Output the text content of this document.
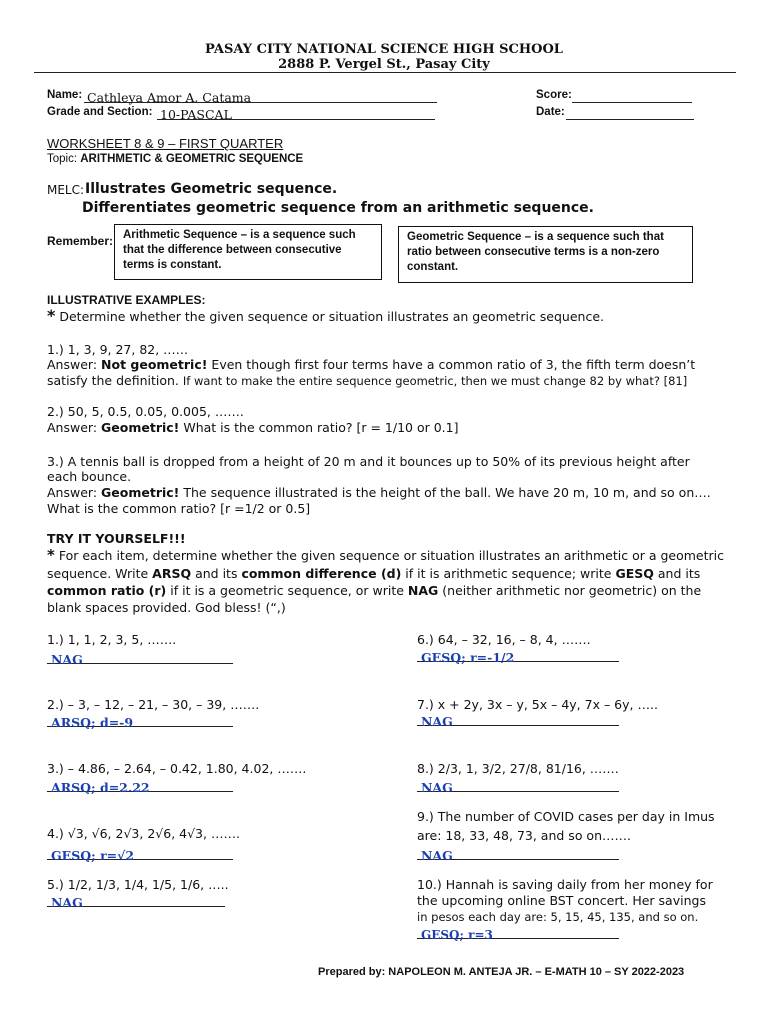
PASAY CITY NATIONAL SCIENCE HIGH SCHOOL
2888 P. Vergel St., Pasay City
Name: Cathleya Amor A. Catama
Grade and Section: 10-PASCAL
Score:
Date:
WORKSHEET 8 & 9 – FIRST QUARTER
Topic: ARITHMETIC & GEOMETRIC SEQUENCE
MELC: Illustrates Geometric sequence.
Differentiates geometric sequence from an arithmetic sequence.
Remember: Arithmetic Sequence – is a sequence such that the difference between consecutive terms is constant.
Geometric Sequence – is a sequence such that ratio between consecutive terms is a non-zero constant.
ILLUSTRATIVE EXAMPLES:
* Determine whether the given sequence or situation illustrates an geometric sequence.
1.) 1, 3, 9, 27, 82, ……
Answer: Not geometric! Even though first four terms have a common ratio of 3, the fifth term doesn’t
satisfy the definition. If want to make the entire sequence geometric, then we must change 82 by what? [81]
2.) 50, 5, 0.5, 0.05, 0.005, …….
Answer: Geometric! What is the common ratio? [r = 1/10 or 0.1]
3.) A tennis ball is dropped from a height of 20 m and it bounces up to 50% of its previous height after
each bounce.
Answer: Geometric! The sequence illustrated is the height of the ball. We have 20 m, 10 m, and so on….
What is the common ratio? [r =1/2 or 0.5]
TRY IT YOURSELF!!!
* For each item, determine whether the given sequence or situation illustrates an arithmetic or a geometric
sequence. Write ARSQ and its common difference (d) if it is arithmetic sequence; write GESQ and its
common ratio (r) if it is a geometric sequence, or write NAG (neither arithmetic nor geometric) on the
blank spaces provided. God bless! (“,)
1.) 1, 1, 2, 3, 5, …….
NAG
2.) – 3, – 12, – 21, – 30, – 39, …….
ARSQ; d=-9
3.) – 4.86, – 2.64, – 0.42, 1.80, 4.02, …….
ARSQ; d=2.22
4.) √3, √6, 2√3, 2√6, 4√3, …….
GESQ; r=√2
5.) 1/2, 1/3, 1/4, 1/5, 1/6, …..
NAG
6.) 64, – 32, 16, – 8, 4, …….
GESQ; r=-1/2
7.) x + 2y, 3x – y, 5x – 4y, 7x – 6y, …..
NAG
8.) 2/3, 1, 3/2, 27/8, 81/16, …….
NAG
9.) The number of COVID cases per day in Imus
are: 18, 33, 48, 73, and so on…….
NAG
10.) Hannah is saving daily from her money for
the upcoming online BST concert. Her savings
in pesos each day are: 5, 15, 45, 135, and so on.
GESQ; r=3
Prepared by: NAPOLEON M. ANTEJA JR. – E-MATH 10 – SY 2022-2023
